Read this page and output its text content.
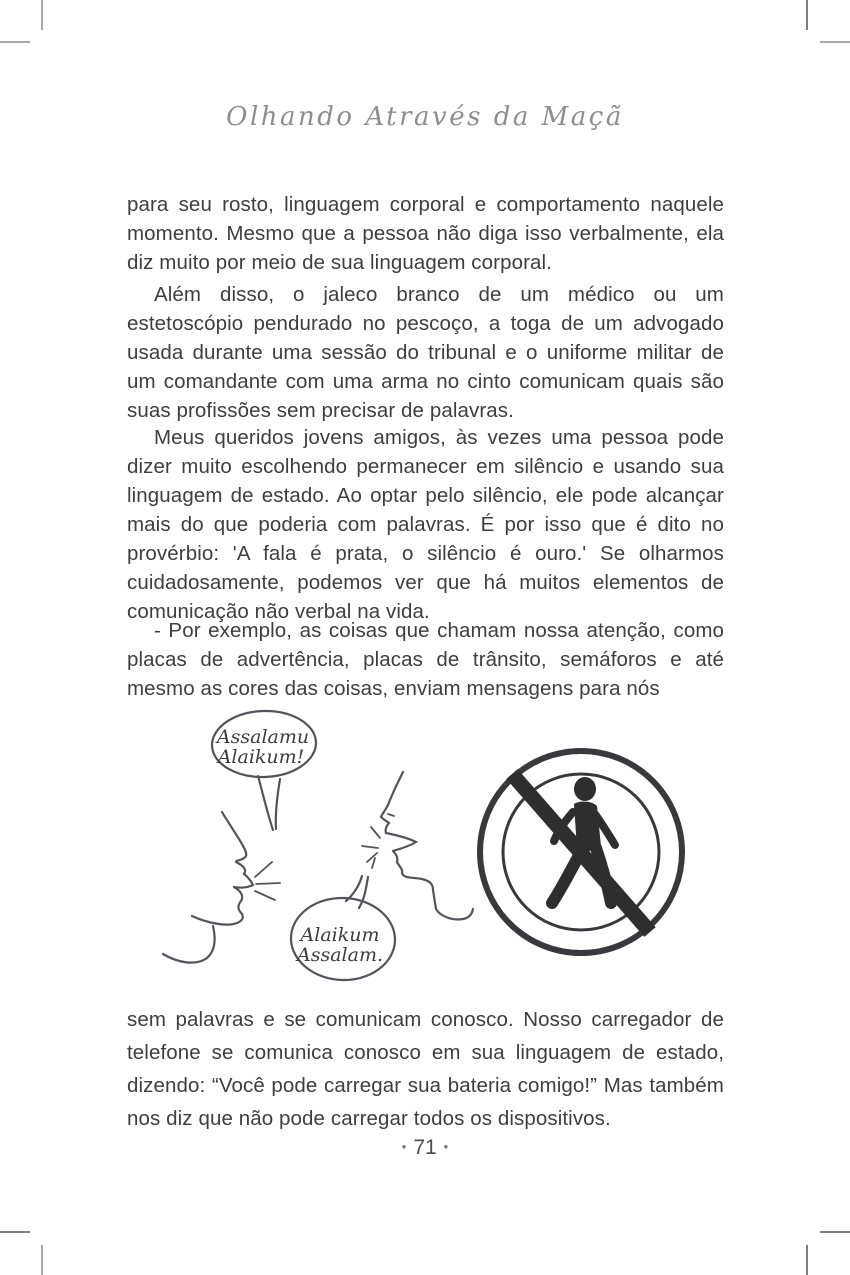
Olhando Através da Maçã

para seu rosto, linguagem corporal e comportamento naquele momento. Mesmo que a pessoa não diga isso verbalmente, ela diz muito por meio de sua linguagem corporal.

Além disso, o jaleco branco de um médico ou um estetoscópio pendurado no pescoço, a toga de um advogado usada durante uma sessão do tribunal e o uniforme militar de um comandante com uma arma no cinto comunicam quais são suas profissões sem precisar de palavras.

Meus queridos jovens amigos, às vezes uma pessoa pode dizer muito escolhendo permanecer em silêncio e usando sua linguagem de estado. Ao optar pelo silêncio, ele pode alcançar mais do que poderia com palavras. É por isso que é dito no provérbio: 'A fala é prata, o silêncio é ouro.' Se olharmos cuidadosamente, podemos ver que há muitos elementos de comunicação não verbal na vida.

- Por exemplo, as coisas que chamam nossa atenção, como placas de advertência, placas de trânsito, semáforos e até mesmo as cores das coisas, enviam mensagens para nós

sem palavras e se comunicam conosco. Nosso carregador de telefone se comunica conosco em sua linguagem de estado, dizendo: “Você pode carregar sua bateria comigo!” Mas também nos diz que não pode carregar todos os dispositivos.

Assalamu
Alaikum!
Alaikum
Assalam.
• 71 •
